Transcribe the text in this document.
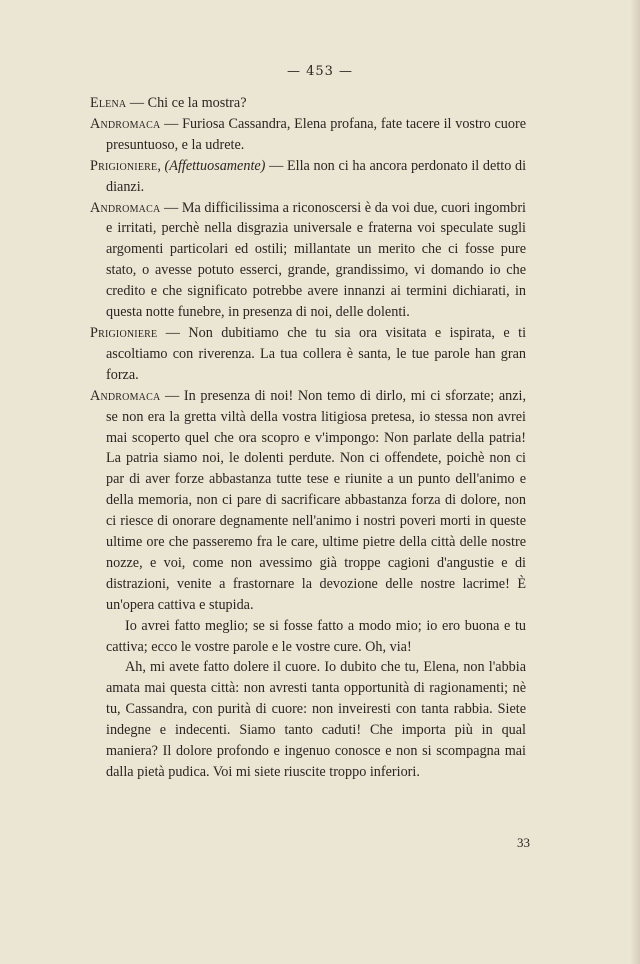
— 453 —

Elena — Chi ce la mostra?

Andromaca — Furiosa Cassandra, Elena profana, fate tacere il vostro cuore presuntuoso, e la udrete.

Prigioniere, (Affettuosamente) — Ella non ci ha ancora perdonato il detto di dianzi.

Andromaca — Ma difficilissima a riconoscersi è da voi due, cuori ingombri e irritati, perchè nella disgrazia universale e fraterna voi speculate sugli argomenti particolari ed ostili; millantate un merito che ci fosse pure stato, o avesse potuto esserci, grande, grandissimo, vi domando io che credito e che significato potrebbe avere innanzi ai termini dichiarati, in questa notte funebre, in presenza di noi, delle dolenti.

Prigioniere — Non dubitiamo che tu sia ora visitata e ispirata, e ti ascoltiamo con riverenza. La tua collera è santa, le tue parole han gran forza.

Andromaca — In presenza di noi! Non temo di dirlo, mi ci sforzate; anzi, se non era la gretta viltà della vostra litigiosa pretesa, io stessa non avrei mai scoperto quel che ora scopro e v'impongo: Non parlate della patria! La patria siamo noi, le dolenti perdute. Non ci offendete, poichè non ci par di aver forze abbastanza tutte tese e riunite a un punto dell'animo e della memoria, non ci pare di sacrificare abbastanza forza di dolore, non ci riesce di onorare degnamente nell'animo i nostri poveri morti in queste ultime ore che passeremo fra le care, ultime pietre della città delle nostre nozze, e voi, come non avessimo già troppe cagioni d'angustie e di distrazioni, venite a frastornare la devozione delle nostre lacrime! È un'opera cattiva e stupida.

Io avrei fatto meglio; se si fosse fatto a modo mio; io ero buona e tu cattiva; ecco le vostre parole e le vostre cure. Oh, via!

Ah, mi avete fatto dolere il cuore. Io dubito che tu, Elena, non l'abbia amata mai questa città: non avresti tanta opportunità di ragionamenti; nè tu, Cassandra, con purità di cuore: non inveiresti con tanta rabbia. Siete indegne e indecenti. Siamo tanto caduti! Che importa più in qual maniera? Il dolore profondo e ingenuo conosce e non si scompagna mai dalla pietà pudica. Voi mi siete riuscite troppo inferiori.

33
